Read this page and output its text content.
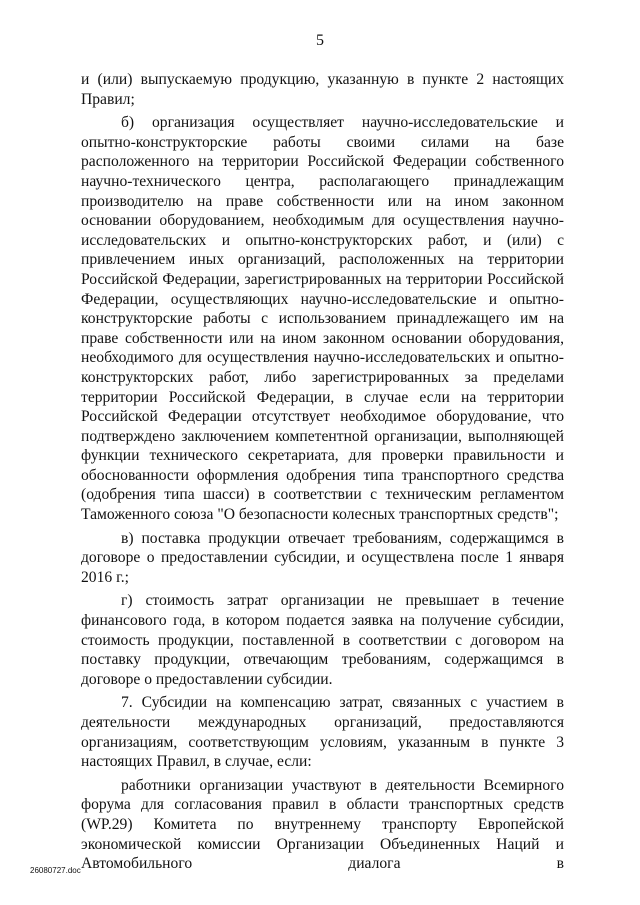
5

и (или) выпускаемую продукцию, указанную в пункте 2 настоящих Правил;

б) организация осуществляет научно-исследовательские и опытно-конструкторские работы своими силами на базе расположенного на территории Российской Федерации собственного научно-технического центра, располагающего принадлежащим производителю на праве собственности или на ином законном основании оборудованием, необходимым для осуществления научно-исследовательских и опытно-конструкторских работ, и (или) с привлечением иных организаций, расположенных на территории Российской Федерации, зарегистрированных на территории Российской Федерации, осуществляющих научно-исследовательские и опытно-конструкторские работы с использованием принадлежащего им на праве собственности или на ином законном основании оборудования, необходимого для осуществления научно-исследовательских и опытно-конструкторских работ, либо зарегистрированных за пределами территории Российской Федерации, в случае если на территории Российской Федерации отсутствует необходимое оборудование, что подтверждено заключением компетентной организации, выполняющей функции технического секретариата, для проверки правильности и обоснованности оформления одобрения типа транспортного средства (одобрения типа шасси) в соответствии с техническим регламентом Таможенного союза "О безопасности колесных транспортных средств";

в) поставка продукции отвечает требованиям, содержащимся в договоре о предоставлении субсидии, и осуществлена после 1 января 2016 г.;

г) стоимость затрат организации не превышает в течение финансового года, в котором подается заявка на получение субсидии, стоимость продукции, поставленной в соответствии с договором на поставку продукции, отвечающим требованиям, содержащимся в договоре о предоставлении субсидии.

7. Субсидии на компенсацию затрат, связанных с участием в деятельности международных организаций, предоставляются организациям, соответствующим условиям, указанным в пункте 3 настоящих Правил, в случае, если:

работники организации участвуют в деятельности Всемирного форума для согласования правил в области транспортных средств (WP.29) Комитета по внутреннему транспорту Европейской экономической комиссии Организации Объединенных Наций и Автомобильного диалога в

26080727.doc
